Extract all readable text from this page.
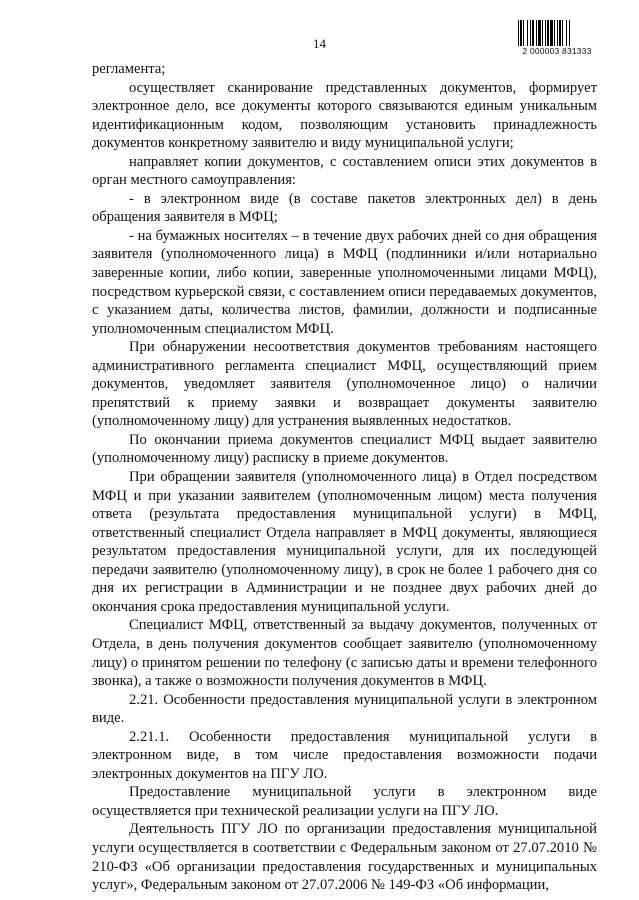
14	2 000003 831333

регламента;

осуществляет сканирование представленных документов, формирует электронное дело, все документы которого связываются единым уникальным идентификационным кодом, позволяющим установить принадлежность документов конкретному заявителю и виду муниципальной услуги;

направляет копии документов, с составлением описи этих документов в орган местного самоуправления:

- в электронном виде (в составе пакетов электронных дел) в день обращения заявителя в МФЦ;

- на бумажных носителях – в течение двух рабочих дней со дня обращения заявителя (уполномоченного лица) в МФЦ (подлинники и/или нотариально заверенные копии, либо копии, заверенные уполномоченными лицами МФЦ), посредством курьерской связи, с составлением описи передаваемых документов, с указанием даты, количества листов, фамилии, должности и подписанные уполномоченным специалистом МФЦ.

При обнаружении несоответствия документов требованиям настоящего административного регламента специалист МФЦ, осуществляющий прием документов, уведомляет заявителя (уполномоченное лицо) о наличии препятствий к приему заявки и возвращает документы заявителю (уполномоченному лицу) для устранения выявленных недостатков.

По окончании приема документов специалист МФЦ выдает заявителю (уполномоченному лицу) расписку в приеме документов.

При обращении заявителя (уполномоченного лица) в Отдел посредством МФЦ и при указании заявителем (уполномоченным лицом) места получения ответа (результата предоставления муниципальной услуги) в МФЦ, ответственный специалист Отдела направляет в МФЦ документы, являющиеся результатом предоставления муниципальной услуги, для их последующей передачи заявителю (уполномоченному лицу), в срок не более 1 рабочего дня со дня их регистрации в Администрации и не позднее двух рабочих дней до окончания срока предоставления муниципальной услуги.

Специалист МФЦ, ответственный за выдачу документов, полученных от Отдела, в день получения документов сообщает заявителю (уполномоченному лицу) о принятом решении по телефону (с записью даты и времени телефонного звонка), а также о возможности получения документов в МФЦ.

2.21. Особенности предоставления муниципальной услуги в электронном виде.

2.21.1. Особенности предоставления муниципальной услуги в электронном виде, в том числе предоставления возможности подачи электронных документов на ПГУ ЛО.

Предоставление муниципальной услуги в электронном виде осуществляется при технической реализации услуги на ПГУ ЛО.

Деятельность ПГУ ЛО по организации предоставления муниципальной услуги осуществляется в соответствии с Федеральным законом от 27.07.2010 № 210-ФЗ «Об организации предоставления государственных и муниципальных услуг», Федеральным законом от 27.07.2006 № 149-ФЗ «Об информации,
